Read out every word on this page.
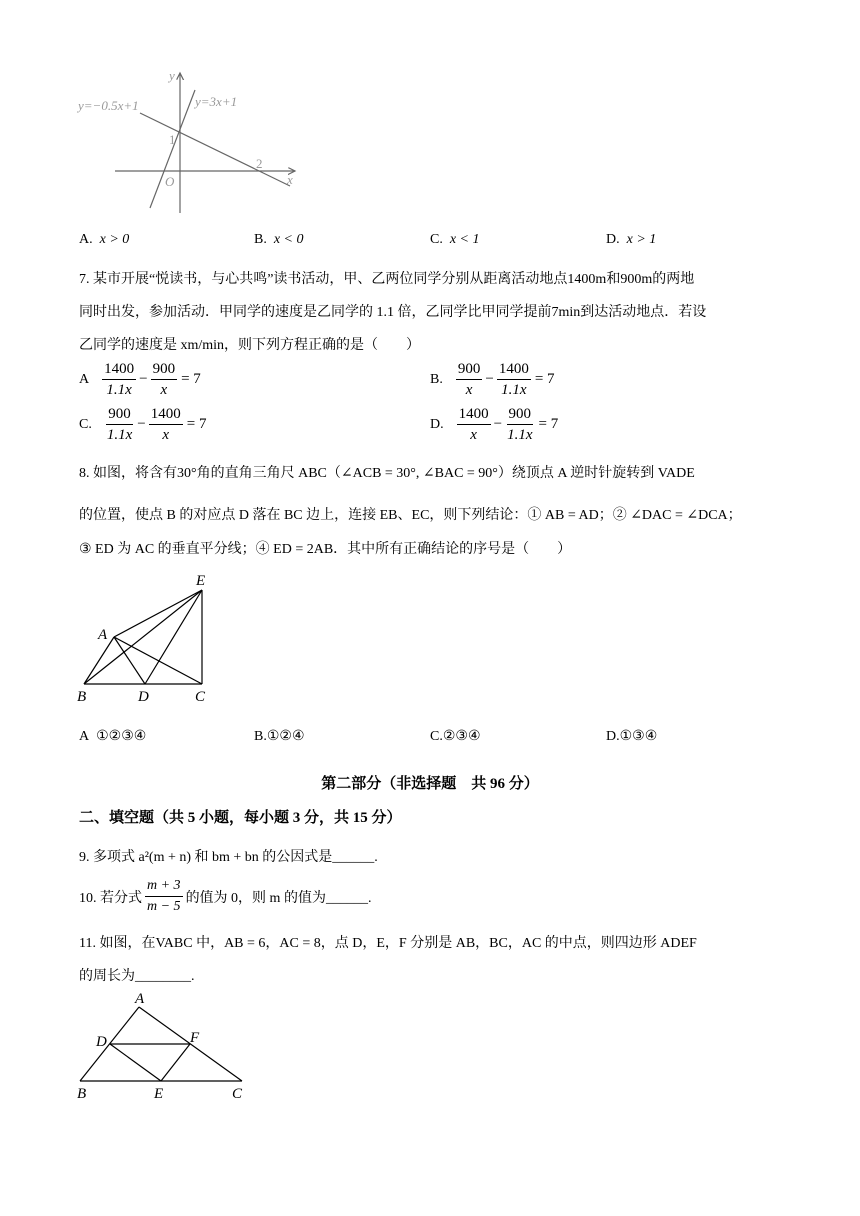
y=−0.5x+1	y=3x+1
y
x
O
1
2
A. x > 0	B. x < 0	C. x < 1	D. x > 1
7. 某市开展“悦读书，与心共鸣”读书活动，甲、乙两位同学分别从距离活动地点1400m和900m的两地
同时出发，参加活动．甲同学的速度是乙同学的 1.1 倍，乙同学比甲同学提前7min到达活动地点．若设
乙同学的速度是 xm/min，则下列方程正确的是（　　）
A $\frac{1400}{1.1x} - \frac{900}{x} = 7$	B. $\frac{900}{x} - \frac{1400}{1.1x} = 7$
C. $\frac{900}{1.1x} - \frac{1400}{x} = 7$	D. $\frac{1400}{x} - \frac{900}{1.1x} = 7$
8. 如图，将含有30°角的直角三角尺 ABC（∠ACB = 30°, ∠BAC = 90°）绕顶点 A 逆时针旋转到 VADE
的位置，使点 B 的对应点 D 落在 BC 边上，连接 EB、EC，则下列结论：① AB = AD；② ∠DAC = ∠DCA；
③ ED 为 AC 的垂直平分线；④ ED = 2AB．其中所有正确结论的序号是（　　）
E
A
B	D	C
A ①②③④	B.①②④	C.②③④	D.①③④
第二部分（非选择题　共 96 分）
二、填空题（共 5 小题，每小题 3 分，共 15 分）
9. 多项式 a²(m + n) 和 bm + bn 的公因式是______.
10. 若分式 $\frac{m + 3}{m - 5}$ 的值为 0，则 m 的值为______.
11. 如图，在VABC 中，AB = 6，AC = 8，点 D，E，F 分别是 AB，BC，AC 的中点，则四边形 ADEF
的周长为________.
A
D	F
B	E	C
